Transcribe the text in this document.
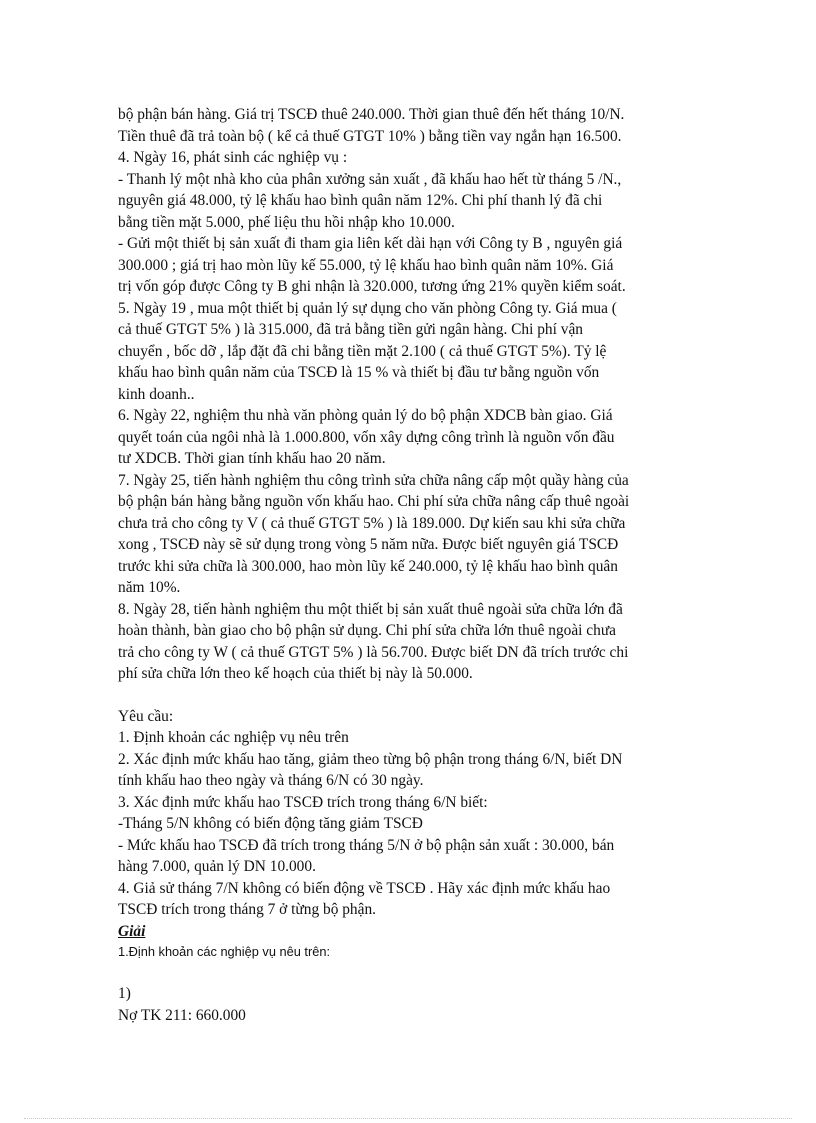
bộ phận bán hàng. Giá trị TSCĐ thuê 240.000. Thời gian thuê đến hết tháng 10/N.
Tiền thuê đã trả toàn bộ ( kể cả thuế GTGT 10% ) bằng tiền vay ngắn hạn 16.500.
4. Ngày 16, phát sinh các nghiệp vụ :
- Thanh lý một nhà kho của phân xưởng sản xuất , đã khấu hao hết từ tháng 5 /N.,
nguyên giá 48.000, tỷ lệ khấu hao bình quân năm 12%. Chi phí thanh lý đã chi
bằng tiền mặt 5.000, phế liệu thu hồi nhập kho 10.000.
- Gửi một thiết bị sản xuất đi tham gia liên kết dài hạn với Công ty B , nguyên giá
300.000 ; giá trị hao mòn lũy kế 55.000, tỷ lệ khấu hao bình quân năm 10%. Giá
trị vốn góp được Công ty B ghi nhận là 320.000, tương ứng 21% quyền kiểm soát.
5. Ngày 19 , mua một thiết bị quản lý sự dụng cho văn phòng Công ty. Giá mua (
cả thuế GTGT 5% ) là 315.000, đã trả bằng tiền gửi ngân hàng. Chi phí vận
chuyển , bốc dỡ , lắp đặt đã chi bằng tiền mặt 2.100 ( cả thuế GTGT 5%). Tỷ lệ
khấu hao bình quân năm của TSCĐ là 15 % và thiết bị đầu tư bằng nguồn vốn
kinh doanh..
6. Ngày 22, nghiệm thu nhà văn phòng quản lý do bộ phận XDCB bàn giao. Giá
quyết toán của ngôi nhà là 1.000.800, vốn xây dựng công trình là nguồn vốn đầu
tư XDCB. Thời gian tính khấu hao 20 năm.
7. Ngày 25, tiến hành nghiệm thu công trình sửa chữa nâng cấp một quầy hàng của
bộ phận bán hàng bằng nguồn vốn khấu hao. Chi phí sửa chữa nâng cấp thuê ngoài
chưa trả cho công ty V ( cả thuế GTGT 5% ) là 189.000. Dự kiến sau khi sửa chữa
xong , TSCĐ này sẽ sử dụng trong vòng 5 năm nữa. Được biết nguyên giá TSCĐ
trước khi sửa chữa là 300.000, hao mòn lũy kế 240.000, tỷ lệ khấu hao bình quân
năm 10%.
8. Ngày 28, tiến hành nghiệm thu một thiết bị sản xuất thuê ngoài sửa chữa lớn đã
hoàn thành, bàn giao cho bộ phận sử dụng. Chi phí sửa chữa lớn thuê ngoài chưa
trả cho công ty W ( cả thuế GTGT 5% ) là 56.700. Được biết DN đã trích trước chi
phí sửa chữa lớn theo kế hoạch của thiết bị này là 50.000.
Yêu cầu:
1. Định khoản các nghiệp vụ nêu trên
2. Xác định mức khấu hao tăng, giảm theo từng bộ phận trong tháng 6/N, biết DN
tính khấu hao theo ngày và tháng 6/N có 30 ngày.
3. Xác định mức khấu hao TSCĐ trích trong tháng 6/N biết:
-Tháng 5/N không có biến động tăng giảm TSCĐ
- Mức khấu hao TSCĐ đã trích trong tháng 5/N ở bộ phận sản xuất : 30.000, bán
hàng 7.000, quản lý DN 10.000.
4. Giả sử tháng 7/N không có biến động về TSCĐ . Hãy xác định mức khấu hao
TSCĐ trích trong tháng 7 ở từng bộ phận.
Giải
1.Định khoản các nghiệp vụ nêu trên:
1)
Nợ TK 211: 660.000
